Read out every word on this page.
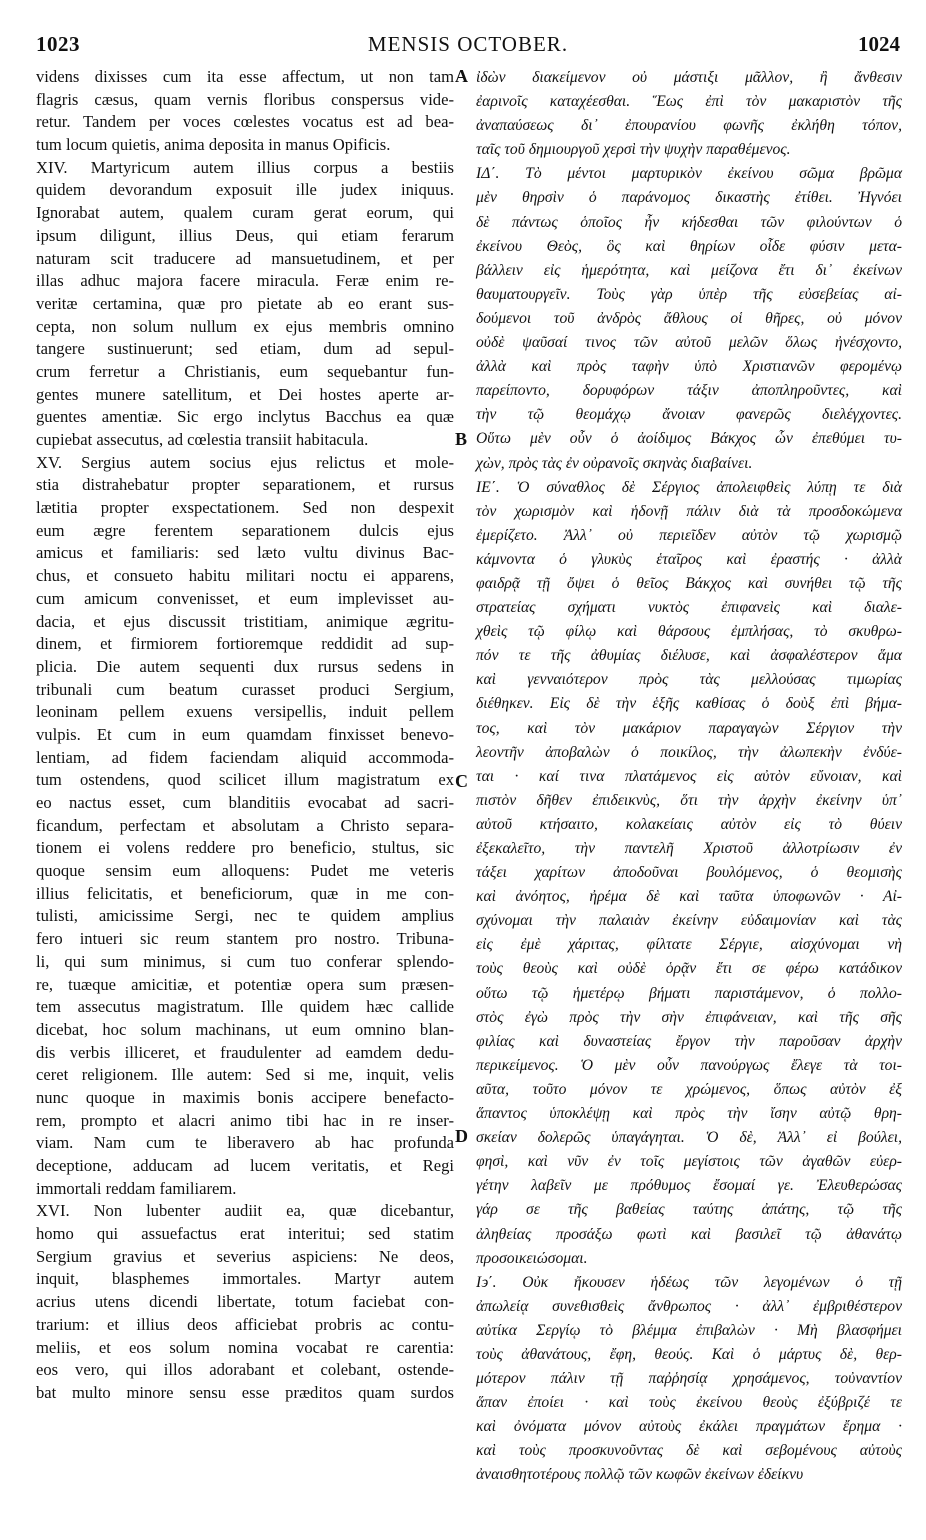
1023	MENSIS OCTOBER.	1024
videns dixisses cum ita esse affectum, ut non tam
flagris cæsus, quam vernis floribus conspersus vide-
retur. Tandem per voces cœlestes vocatus est ad bea-
tum locum quietis, anima deposita in manus Opificis.
XIV. Martyricum autem illius corpus a bestiis
quidem devorandum exposuit ille judex iniquus.
Ignorabat autem, qualem curam gerat eorum, qui
ipsum diligunt, illius Deus, qui etiam ferarum
naturam scit traducere ad mansuetudinem, et per
illas adhuc majora facere miracula. Feræ enim re-
veritæ certamina, quæ pro pietate ab eo erant sus-
cepta, non solum nullum ex ejus membris omnino
tangere sustinuerunt; sed etiam, dum ad sepul-
crum ferretur a Christianis, eum sequebantur fun-
gentes munere satellitum, et Dei hostes aperte ar-
guentes amentiæ. Sic ergo inclytus Bacchus ea quæ
cupiebat assecutus, ad cœlestia transiit habitacula.
XV. Sergius autem socius ejus relictus et mole-
stia distrahebatur propter separationem, et rursus
lætitia propter exspectationem. Sed non despexit
eum ægre ferentem separationem dulcis ejus
amicus et familiaris: sed læto vultu divinus Bac-
chus, et consueto habitu militari noctu ei apparens,
cum amicum convenisset, et eum implevisset au-
dacia, et ejus discussit tristitiam, animique ægritu-
dinem, et firmiorem fortioremque reddidit ad sup-
plicia. Die autem sequenti dux rursus sedens in
tribunali cum beatum curasset produci Sergium,
leoninam pellem exuens versipellis, induit pellem
vulpis. Et cum in eum quamdam finxisset benevo-
lentiam, ad fidem faciendam aliquid accommoda-
tum ostendens, quod scilicet illum magistratum ex
eo nactus esset, cum blanditiis evocabat ad sacri-
ficandum, perfectam et absolutam a Christo separa-
tionem ei volens reddere pro beneficio, stultus, sic
quoque sensim eum alloquens: Pudet me veteris
illius felicitatis, et beneficiorum, quæ in me con-
tulisti, amicissime Sergi, nec te quidem amplius
fero intueri sic reum stantem pro nostro. Tribuna-
li, qui sum minimus, si cum tuo conferar splendo-
re, tuæque amicitiæ, et potentiæ opera sum præsen-
tem assecutus magistratum. Ille quidem hæc callide
dicebat, hoc solum machinans, ut eum omnino blan-
dis verbis illiceret, et fraudulenter ad eamdem dedu-
ceret religionem. Ille autem: Sed si me, inquit, velis
nunc quoque in maximis bonis accipere benefacto-
rem, prompto et alacri animo tibi hac in re inser-
viam. Nam cum te liberavero ab hac profunda
deceptione, adducam ad lucem veritatis, et Regi
immortali reddam familiarem.
XVI. Non lubenter audiit ea, quæ dicebantur,
homo qui assuefactus erat interitui; sed statim
Sergium gravius et severius aspiciens: Ne deos,
inquit, blasphemes immortales. Martyr autem
acrius utens dicendi libertate, totum faciebat con-
trarium: et illius deos afficiebat probris ac contu-
meliis, et eos solum nomina vocabat re carentia:
eos vero, qui illos adorabant et colebant, ostende-
bat multo minore sensu esse præditos quam surdos
ἰδὼν διακείμενον οὐ μάστιξι μᾶλλον, ἢ ἄνθεσιν
ἐαρινοῖς καταχέεσθαι. Ἕως ἐπὶ τὸν μακαριστὸν τῆς
ἀναπαύσεως δι᾽ ἐπουρανίου φωνῆς ἐκλήθη τόπον,
ταῖς τοῦ δημιουργοῦ χερσὶ τὴν ψυχὴν παραθέμενος.
ΙΔ΄. Τὸ μέντοι μαρτυρικὸν ἐκείνου σῶμα βρῶμα
μὲν θηρσὶν ὁ παράνομος δικαστὴς ἐτίθει. Ἠγνόει
δὲ πάντως ὁποῖος ἦν κήδεσθαι τῶν φιλούντων ὁ
ἐκείνου Θεὸς, ὃς καὶ θηρίων οἶδε φύσιν μετα-
βάλλειν εἰς ἡμερότητα, καὶ μείζονα ἔτι δι᾽ ἐκείνων
θαυματουργεῖν. Τοὺς γὰρ ὑπὲρ τῆς εὐσεβείας αἰ-
δούμενοι τοῦ ἀνδρὸς ἄθλους οἱ θῆρες, οὐ μόνον
οὐδὲ ψαῦσαί τινος τῶν αὐτοῦ μελῶν ὅλως ἠνέσχοντο,
ἀλλὰ καὶ πρὸς ταφὴν ὑπὸ Χριστιανῶν φερομένῳ
παρείποντο, δορυφόρων τάξιν ἀποπληροῦντες, καὶ
τὴν τῷ θεομάχῳ ἄνοιαν φανερῶς διελέγχοντες.
Οὕτω μὲν οὖν ὁ ἀοίδιμος Βάκχος ὧν ἐπεθύμει τυ-
χὼν, πρὸς τὰς ἐν οὐρανοῖς σκηνὰς διαβαίνει.
ΙΕ΄. Ὁ σύναθλος δὲ Σέργιος ἀπολειφθεὶς λύπῃ τε διὰ
τὸν χωρισμὸν καὶ ἡδονῇ πάλιν διὰ τὰ προσδοκώμενα
ἐμερίζετο. Ἀλλ᾽ οὐ περιεῖδεν αὐτὸν τῷ χωρισμῷ
κάμνοντα ὁ γλυκὺς ἑταῖρος καὶ ἐραστής · ἀλλὰ
φαιδρᾷ τῇ ὄψει ὁ θεῖος Βάκχος καὶ συνήθει τῷ τῆς
στρατείας σχήματι νυκτὸς ἐπιφανεὶς καὶ διαλε-
χθεὶς τῷ φίλῳ καὶ θάρσους ἐμπλήσας, τὸ σκυθρω-
πόν τε τῆς ἀθυμίας διέλυσε, καὶ ἀσφαλέστερον ἅμα
καὶ γενναιότερον πρὸς τὰς μελλούσας τιμωρίας
διέθηκεν. Εἰς δὲ τὴν ἑξῆς καθίσας ὁ δοὺξ ἐπὶ βήμα-
τος, καὶ τὸν μακάριον παραγαγὼν Σέργιον τὴν
λεοντῆν ἀποβαλὼν ὁ ποικίλος, τὴν ἀλωπεκὴν ἐνδύε-
ται · καί τινα πλατάμενος εἰς αὐτὸν εὔνοιαν, καὶ
πιστὸν δῆθεν ἐπιδεικνὺς, ὅτι τὴν ἀρχὴν ἐκείνην ὑπ᾽
αὐτοῦ κτήσαιτο, κολακείαις αὐτὸν εἰς τὸ θύειν
ἐξεκαλεῖτο, τὴν παντελῆ Χριστοῦ ἀλλοτρίωσιν ἐν
τάξει χαρίτων ἀποδοῦναι βουλόμενος, ὁ θεομισὴς
καὶ ἀνόητος, ἠρέμα δὲ καὶ ταῦτα ὑποφωνῶν · Αἰ-
σχύνομαι τὴν παλαιὰν ἐκείνην εὐδαιμονίαν καὶ τὰς
εἰς ἐμὲ χάριτας, φίλτατε Σέργιε, αἰσχύνομαι νὴ
τοὺς θεοὺς καὶ οὐδὲ ὁρᾷν ἔτι σε φέρω κατάδικον
οὕτω τῷ ἡμετέρῳ βήματι παριστάμενον, ὁ πολλο-
στὸς ἐγὼ πρὸς τὴν σὴν ἐπιφάνειαν, καὶ τῆς σῆς
φιλίας καὶ δυναστείας ἔργον τὴν παροῦσαν ἀρχὴν
περικείμενος. Ὁ μὲν οὖν πανούργως ἔλεγε τὰ τοι-
αῦτα, τοῦτο μόνον τε χρώμενος, ὅπως αὐτὸν ἐξ
ἅπαντος ὑποκλέψῃ καὶ πρὸς τὴν ἴσην αὐτῷ θρη-
σκείαν δολερῶς ὑπαγάγηται. Ὁ δὲ, Ἀλλ᾽ εἰ βούλει,
φησὶ, καὶ νῦν ἐν τοῖς μεγίστοις τῶν ἀγαθῶν εὐερ-
γέτην λαβεῖν με πρόθυμος ἔσομαί γε. Ἐλευθερώσας
γάρ σε τῆς βαθείας ταύτης ἀπάτης, τῷ τῆς
ἀληθείας προσάξω φωτὶ καὶ βασιλεῖ τῷ ἀθανάτῳ
προσοικειώσομαι.
Ι϶΄. Οὐκ ἤκουσεν ἡδέως τῶν λεγομένων ὁ τῇ
ἀπωλείᾳ συνεθισθεὶς ἄνθρωπος · ἀλλ᾽ ἐμβριθέστερον
αὐτίκα Σεργίῳ τὸ βλέμμα ἐπιβαλὼν · Μὴ βλασφήμει
τοὺς ἀθανάτους, ἔφη, θεούς. Καὶ ὁ μάρτυς δὲ, θερ-
μότερον πάλιν τῇ παῤῥησίᾳ χρησάμενος, τοὐναντίον
ἅπαν ἐποίει · καὶ τοὺς ἐκείνου θεοὺς ἐξύβριζέ τε
καὶ ὀνόματα μόνον αὐτοὺς ἐκάλει πραγμάτων ἔρημα ·
καὶ τοὺς προσκυνοῦντας δὲ καὶ σεβομένους αὐτοὺς
ἀναισθητοτέρους πολλῷ τῶν κωφῶν ἐκείνων ἐδείκνυ
A
B
C
D
